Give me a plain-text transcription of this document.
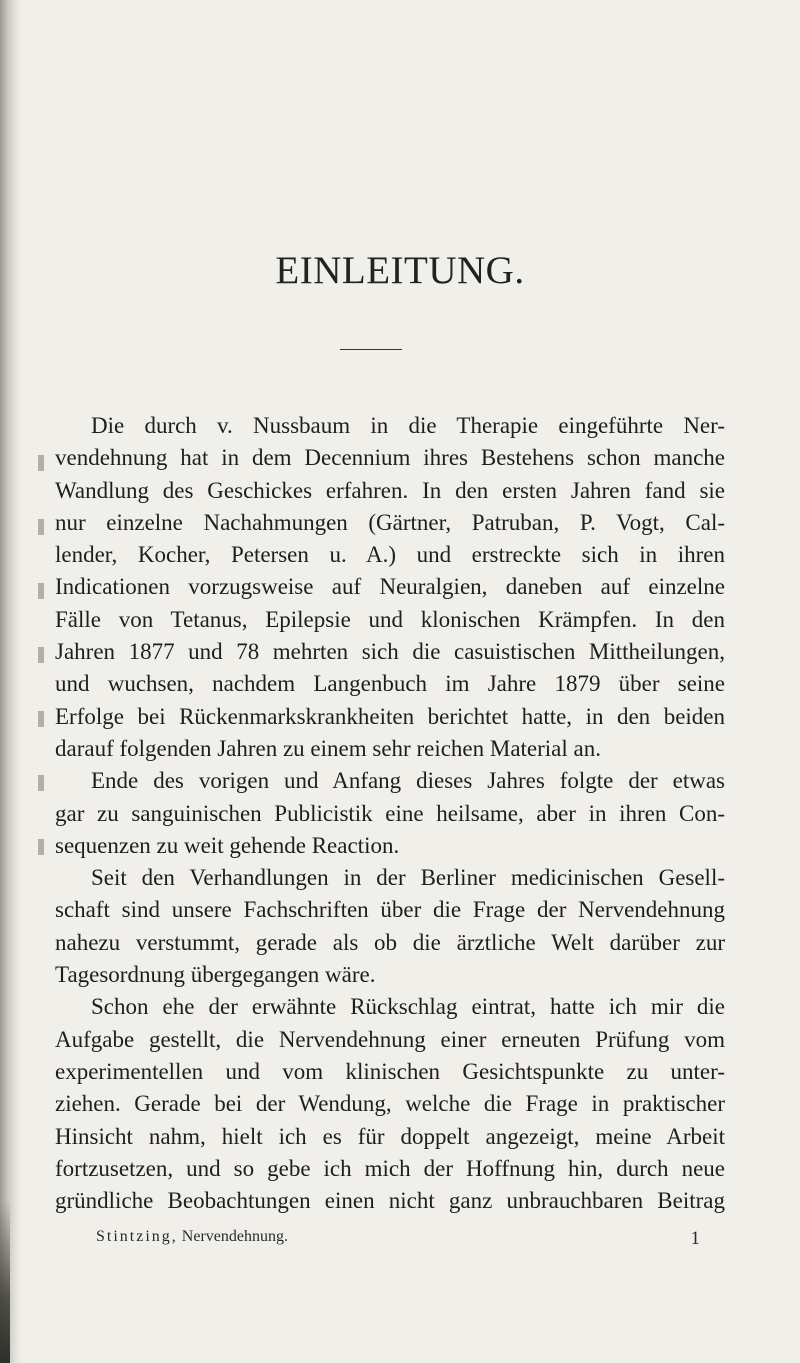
EINLEITUNG.
Die durch v. Nussbaum in die Therapie eingeführte Ner-
vendehnung hat in dem Decennium ihres Bestehens schon manche
Wandlung des Geschickes erfahren. In den ersten Jahren fand sie
nur einzelne Nachahmungen (Gärtner, Patruban, P. Vogt, Cal-
lender, Kocher, Petersen u. A.) und erstreckte sich in ihren
Indicationen vorzugsweise auf Neuralgien, daneben auf einzelne
Fälle von Tetanus, Epilepsie und klonischen Krämpfen. In den
Jahren 1877 und 78 mehrten sich die casuistischen Mittheilungen,
und wuchsen, nachdem Langenbuch im Jahre 1879 über seine
Erfolge bei Rückenmarkskrankheiten berichtet hatte, in den beiden
darauf folgenden Jahren zu einem sehr reichen Material an.
Ende des vorigen und Anfang dieses Jahres folgte der etwas
gar zu sanguinischen Publicistik eine heilsame, aber in ihren Con-
sequenzen zu weit gehende Reaction.
Seit den Verhandlungen in der Berliner medicinischen Gesell-
schaft sind unsere Fachschriften über die Frage der Nervendehnung
nahezu verstummt, gerade als ob die ärztliche Welt darüber zur
Tagesordnung übergegangen wäre.
Schon ehe der erwähnte Rückschlag eintrat, hatte ich mir die
Aufgabe gestellt, die Nervendehnung einer erneuten Prüfung vom
experimentellen und vom klinischen Gesichtspunkte zu unter-
ziehen. Gerade bei der Wendung, welche die Frage in praktischer
Hinsicht nahm, hielt ich es für doppelt angezeigt, meine Arbeit
fortzusetzen, und so gebe ich mich der Hoffnung hin, durch neue
gründliche Beobachtungen einen nicht ganz unbrauchbaren Beitrag
Stintzing, Nervendehnung.	1
